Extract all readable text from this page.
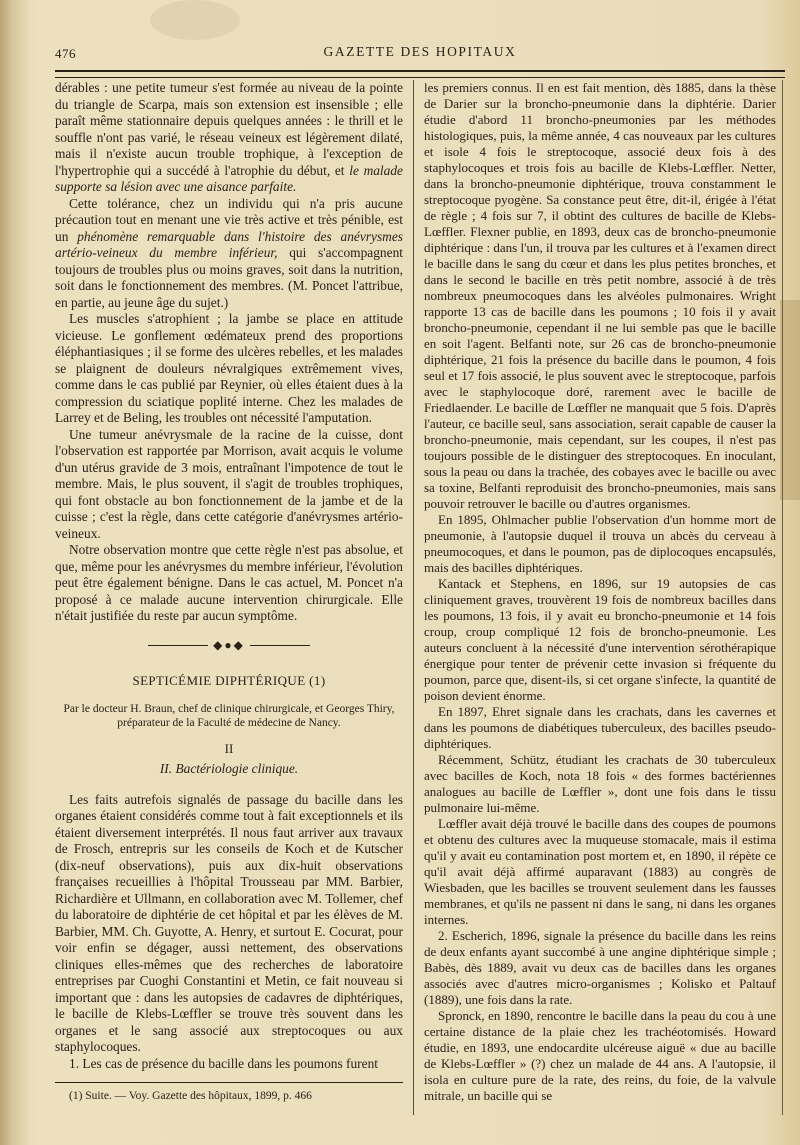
476	GAZETTE DES HOPITAUX

dérables : une petite tumeur s'est formée au niveau de la pointe du triangle de Scarpa, mais son extension est insensible ; elle paraît même stationnaire depuis quelques années : le thrill et le souffle n'ont pas varié, le réseau veineux est légèrement dilaté, mais il n'existe aucun trouble trophique, à l'exception de l'hypertrophie qui a succédé à l'atrophie du début, et le malade supporte sa lésion avec une aisance parfaite.

Cette tolérance, chez un individu qui n'a pris aucune précaution tout en menant une vie très active et très pénible, est un phénomène remarquable dans l'histoire des anévrysmes artério-veineux du membre inférieur, qui s'accompagnent toujours de troubles plus ou moins graves, soit dans la nutrition, soit dans le fonctionnement des membres. (M. Poncet l'attribue, en partie, au jeune âge du sujet.)

Les muscles s'atrophient ; la jambe se place en attitude vicieuse. Le gonflement œdémateux prend des proportions éléphantiasiques ; il se forme des ulcères rebelles, et les malades se plaignent de douleurs névralgiques extrêmement vives, comme dans le cas publié par Reynier, où elles étaient dues à la compression du sciatique poplité interne. Chez les malades de Larrey et de Beling, les troubles ont nécessité l'amputation.

Une tumeur anévrysmale de la racine de la cuisse, dont l'observation est rapportée par Morrison, avait acquis le volume d'un utérus gravide de 3 mois, entraînant l'impotence de tout le membre. Mais, le plus souvent, il s'agit de troubles trophiques, qui font obstacle au bon fonctionnement de la jambe et de la cuisse ; c'est la règle, dans cette catégorie d'anévrysmes artério-veineux.

Notre observation montre que cette règle n'est pas absolue, et que, même pour les anévrysmes du membre inférieur, l'évolution peut être également bénigne. Dans le cas actuel, M. Poncet n'a proposé à ce malade aucune intervention chirurgicale. Elle n'était justifiée du reste par aucun symptôme.

◆●◆
SEPTICÉMIE DIPHTÉRIQUE (1)
Par le docteur H. Braun, chef de clinique chirurgicale, et Georges Thiry, préparateur de la Faculté de médecine de Nancy.
II
II. Bactériologie clinique.

Les faits autrefois signalés de passage du bacille dans les organes étaient considérés comme tout à fait exceptionnels et ils étaient diversement interprétés. Il nous faut arriver aux travaux de Frosch, entrepris sur les conseils de Koch et de Kutscher (dix-neuf observations), puis aux dix-huit observations françaises recueillies à l'hôpital Trousseau par MM. Barbier, Richardière et Ullmann, en collaboration avec M. Tollemer, chef du laboratoire de diphtérie de cet hôpital et par les élèves de M. Barbier, MM. Ch. Guyotte, A. Henry, et surtout E. Cocurat, pour voir enfin se dégager, aussi nettement, des observations cliniques elles-mêmes que des recherches de laboratoire entreprises par Cuoghi Constantini et Metin, ce fait nouveau si important que : dans les autopsies de cadavres de diphtériques, le bacille de Klebs-Lœffler se trouve très souvent dans les organes et le sang associé aux streptocoques ou aux staphylocoques.

1. Les cas de présence du bacille dans les poumons furent

(1) Suite. — Voy. Gazette des hôpitaux, 1899, p. 466

les premiers connus. Il en est fait mention, dès 1885, dans la thèse de Darier sur la broncho-pneumonie dans la diphtérie. Darier étudie d'abord 11 broncho-pneumonies par les méthodes histologiques, puis, la même année, 4 cas nouveaux par les cultures et isole 4 fois le streptocoque, associé deux fois à des staphylocoques et trois fois au bacille de Klebs-Lœffler. Netter, dans la broncho-pneumonie diphtérique, trouva constamment le streptocoque pyogène. Sa constance peut être, dit-il, érigée à l'état de règle ; 4 fois sur 7, il obtint des cultures de bacille de Klebs-Lœffler. Flexner publie, en 1893, deux cas de broncho-pneumonie diphtérique : dans l'un, il trouva par les cultures et à l'examen direct le bacille dans le sang du cœur et dans les plus petites bronches, et dans le second le bacille en très petit nombre, associé à de très nombreux pneumocoques dans les alvéoles pulmonaires. Wright rapporte 13 cas de bacille dans les poumons ; 10 fois il y avait broncho-pneumonie, cependant il ne lui semble pas que le bacille en soit l'agent. Belfanti note, sur 26 cas de broncho-pneumonie diphtérique, 21 fois la présence du bacille dans le poumon, 4 fois seul et 17 fois associé, le plus souvent avec le streptocoque, parfois avec le staphylocoque doré, rarement avec le bacille de Friedlaender. Le bacille de Lœffler ne manquait que 5 fois. D'après l'auteur, ce bacille seul, sans association, serait capable de causer la broncho-pneumonie, mais cependant, sur les coupes, il n'est pas toujours possible de le distinguer des streptocoques. En inoculant, sous la peau ou dans la trachée, des cobayes avec le bacille ou avec sa toxine, Belfanti reproduisit des broncho-pneumonies, mais sans pouvoir retrouver le bacille ou d'autres organismes.

En 1895, Ohlmacher publie l'observation d'un homme mort de pneumonie, à l'autopsie duquel il trouva un abcès du cerveau à pneumocoques, et dans le poumon, pas de diplocoques encapsulés, mais des bacilles diphtériques.

Kantack et Stephens, en 1896, sur 19 autopsies de cas cliniquement graves, trouvèrent 19 fois de nombreux bacilles dans les poumons, 13 fois, il y avait eu broncho-pneumonie et 14 fois croup, croup compliqué 12 fois de broncho-pneumonie. Les auteurs concluent à la nécessité d'une intervention sérothérapique énergique pour tenter de prévenir cette invasion si fréquente du poumon, parce que, disent-ils, si cet organe s'infecte, la quantité de poison devient énorme.

En 1897, Ehret signale dans les crachats, dans les cavernes et dans les poumons de diabétiques tuberculeux, des bacilles pseudo-diphtériques.

Récemment, Schütz, étudiant les crachats de 30 tuberculeux avec bacilles de Koch, nota 18 fois « des formes bactériennes analogues au bacille de Lœffler », dont une fois dans le tissu pulmonaire lui-même.

Lœffler avait déjà trouvé le bacille dans des coupes de poumons et obtenu des cultures avec la muqueuse stomacale, mais il estima qu'il y avait eu contamination post mortem et, en 1890, il répète ce qu'il avait déjà affirmé auparavant (1883) au congrès de Wiesbaden, que les bacilles se trouvent seulement dans les fausses membranes, et qu'ils ne passent ni dans le sang, ni dans les organes internes.

2. Escherich, 1896, signale la présence du bacille dans les reins de deux enfants ayant succombé à une angine diphtérique simple ; Babès, dès 1889, avait vu deux cas de bacilles dans les organes associés avec d'autres micro-organismes ; Kolisko et Paltauf (1889), une fois dans la rate.

Spronck, en 1890, rencontre le bacille dans la peau du cou à une certaine distance de la plaie chez les trachéotomisés. Howard étudie, en 1893, une endocardite ulcéreuse aiguë « due au bacille de Klebs-Lœffler » (?) chez un malade de 44 ans. A l'autopsie, il isola en culture pure de la rate, des reins, du foie, de la valvule mitrale, un bacille qui se
